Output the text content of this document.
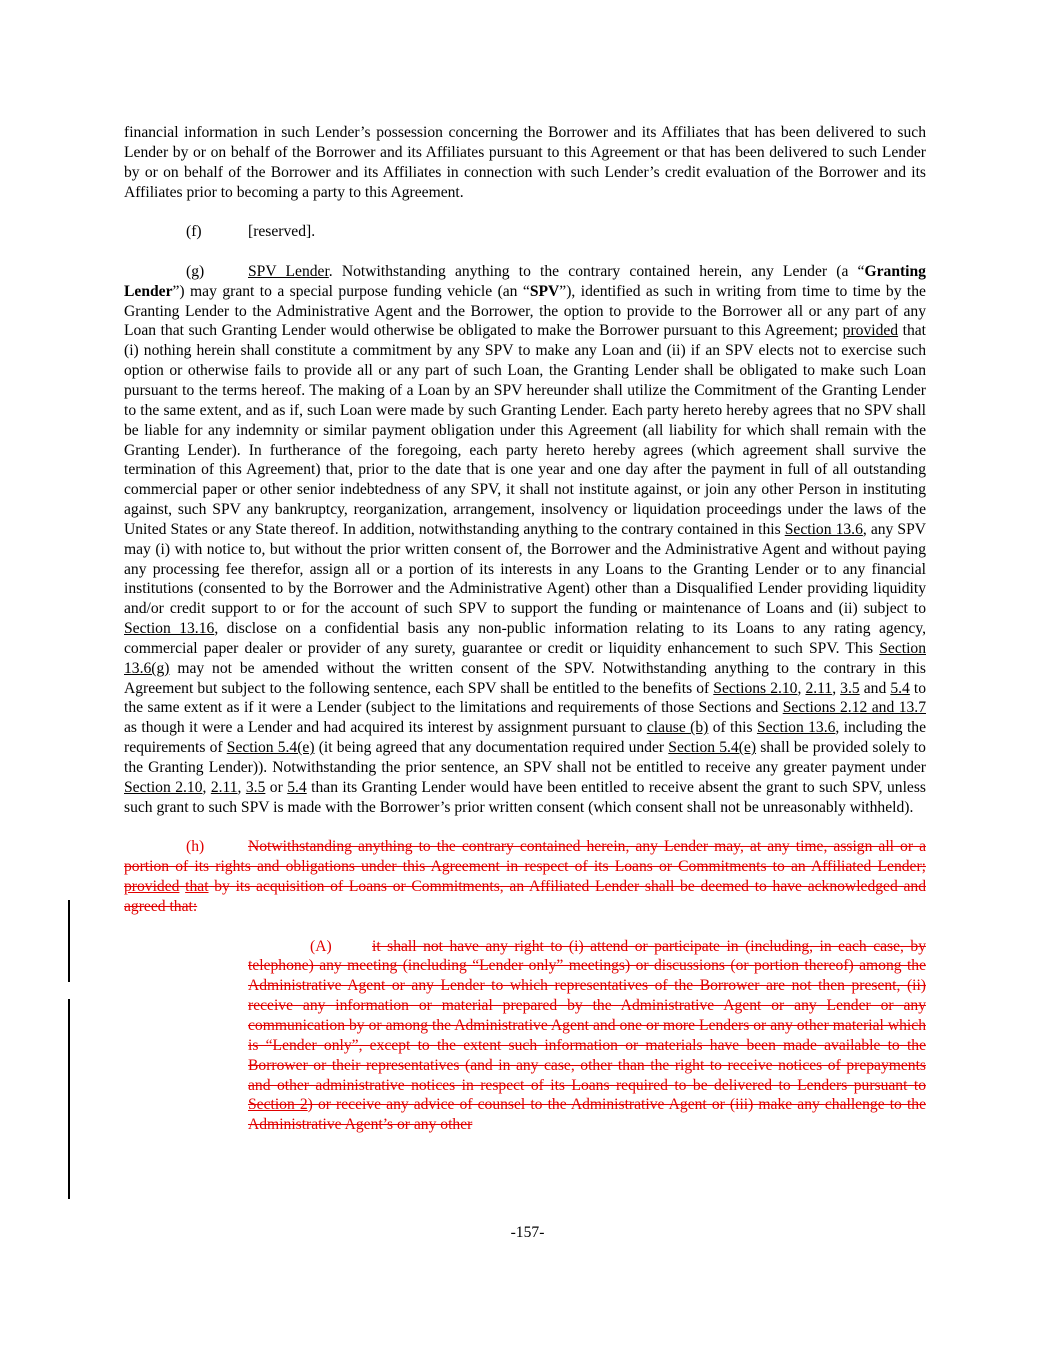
financial information in such Lender’s possession concerning the Borrower and its Affiliates that has been delivered to such Lender by or on behalf of the Borrower and its Affiliates pursuant to this Agreement or that has been delivered to such Lender by or on behalf of the Borrower and its Affiliates in connection with such Lender’s credit evaluation of the Borrower and its Affiliates prior to becoming a party to this Agreement.

(f)	[reserved].

(g)	SPV Lender. Notwithstanding anything to the contrary contained herein, any Lender (a “Granting Lender”) may grant to a special purpose funding vehicle (an “SPV”), identified as such in writing from time to time by the Granting Lender to the Administrative Agent and the Borrower, the option to provide to the Borrower all or any part of any Loan that such Granting Lender would otherwise be obligated to make the Borrower pursuant to this Agreement; provided that (i) nothing herein shall constitute a commitment by any SPV to make any Loan and (ii) if an SPV elects not to exercise such option or otherwise fails to provide all or any part of such Loan, the Granting Lender shall be obligated to make such Loan pursuant to the terms hereof. The making of a Loan by an SPV hereunder shall utilize the Commitment of the Granting Lender to the same extent, and as if, such Loan were made by such Granting Lender. Each party hereto hereby agrees that no SPV shall be liable for any indemnity or similar payment obligation under this Agreement (all liability for which shall remain with the Granting Lender). In furtherance of the foregoing, each party hereto hereby agrees (which agreement shall survive the termination of this Agreement) that, prior to the date that is one year and one day after the payment in full of all outstanding commercial paper or other senior indebtedness of any SPV, it shall not institute against, or join any other Person in instituting against, such SPV any bankruptcy, reorganization, arrangement, insolvency or liquidation proceedings under the laws of the United States or any State thereof. In addition, notwithstanding anything to the contrary contained in this Section 13.6, any SPV may (i) with notice to, but without the prior written consent of, the Borrower and the Administrative Agent and without paying any processing fee therefor, assign all or a portion of its interests in any Loans to the Granting Lender or to any financial institutions (consented to by the Borrower and the Administrative Agent) other than a Disqualified Lender providing liquidity and/or credit support to or for the account of such SPV to support the funding or maintenance of Loans and (ii) subject to Section 13.16, disclose on a confidential basis any non-public information relating to its Loans to any rating agency, commercial paper dealer or provider of any surety, guarantee or credit or liquidity enhancement to such SPV. This Section 13.6(g) may not be amended without the written consent of the SPV. Notwithstanding anything to the contrary in this Agreement but subject to the following sentence, each SPV shall be entitled to the benefits of Sections 2.10, 2.11, 3.5 and 5.4 to the same extent as if it were a Lender (subject to the limitations and requirements of those Sections and Sections 2.12 and 13.7 as though it were a Lender and had acquired its interest by assignment pursuant to clause (b) of this Section 13.6, including the requirements of Section 5.4(e) (it being agreed that any documentation required under Section 5.4(e) shall be provided solely to the Granting Lender)). Notwithstanding the prior sentence, an SPV shall not be entitled to receive any greater payment under Section 2.10, 2.11, 3.5 or 5.4 than its Granting Lender would have been entitled to receive absent the grant to such SPV, unless such grant to such SPV is made with the Borrower’s prior written consent (which consent shall not be unreasonably withheld).

(h)	Notwithstanding anything to the contrary contained herein, any Lender may, at any time, assign all or a portion of its rights and obligations under this Agreement in respect of its Loans or Commitments to an Affiliated Lender; provided that by its acquisition of Loans or Commitments, an Affiliated Lender shall be deemed to have acknowledged and agreed that:

(A)	it shall not have any right to (i) attend or participate in (including, in each case, by telephone) any meeting (including “Lender only” meetings) or discussions (or portion thereof) among the Administrative Agent or any Lender to which representatives of the Borrower are not then present, (ii) receive any information or material prepared by the Administrative Agent or any Lender or any communication by or among the Administrative Agent and one or more Lenders or any other material which is “Lender only”, except to the extent such information or materials have been made available to the Borrower or their representatives (and in any case, other than the right to receive notices of prepayments and other administrative notices in respect of its Loans required to be delivered to Lenders pursuant to Section 2) or receive any advice of counsel to the Administrative Agent or (iii) make any challenge to the Administrative Agent’s or any other

-157-
